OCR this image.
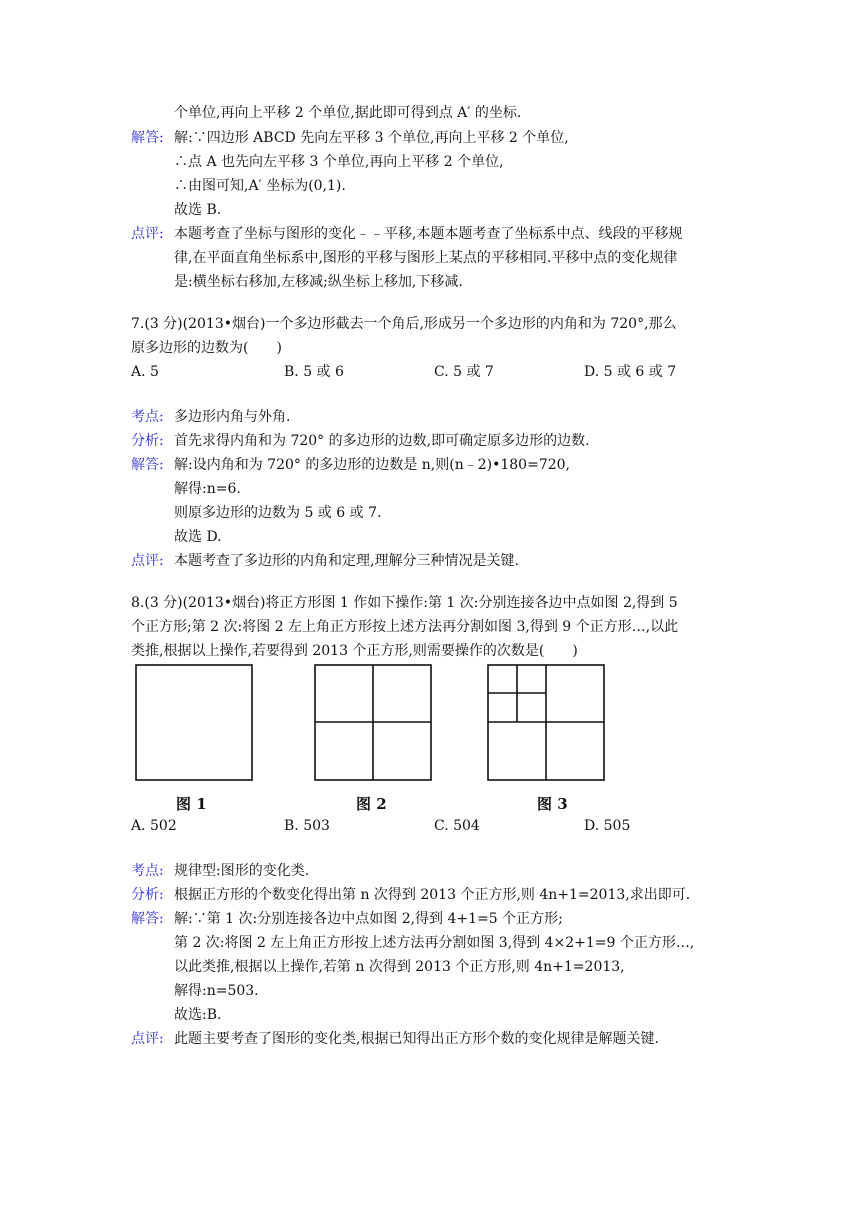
个单位,再向上平移 2 个单位,据此即可得到点 A′ 的坐标.
解答: 解:∵四边形 ABCD 先向左平移 3 个单位,再向上平移 2 个单位,
∴点 A 也先向左平移 3 个单位,再向上平移 2 个单位,
∴由图可知,A′ 坐标为(0,1).
故选 B.
点评: 本题考查了坐标与图形的变化﹣﹣平移,本题本题考查了坐标系中点、线段的平移规
律,在平面直角坐标系中,图形的平移与图形上某点的平移相同.平移中点的变化规律
是:横坐标右移加,左移减;纵坐标上移加,下移减.
7.(3 分)(2013•烟台)一个多边形截去一个角后,形成另一个多边形的内角和为 720°,那么
原多边形的边数为(　　)
A. 5	B. 5 或 6	C. 5 或 7	D. 5 或 6 或 7
考点: 多边形内角与外角.
分析: 首先求得内角和为 720° 的多边形的边数,即可确定原多边形的边数.
解答: 解:设内角和为 720° 的多边形的边数是 n,则(n﹣2)•180=720,
解得:n=6.
则原多边形的边数为 5 或 6 或 7.
故选 D.
点评: 本题考查了多边形的内角和定理,理解分三种情况是关键.
8.(3 分)(2013•烟台)将正方形图 1 作如下操作:第 1 次:分别连接各边中点如图 2,得到 5
个正方形;第 2 次:将图 2 左上角正方形按上述方法再分割如图 3,得到 9 个正方形…,以此
类推,根据以上操作,若要得到 2013 个正方形,则需要操作的次数是(　　)
图 1	图 2	图 3
A. 502	B. 503	C. 504	D. 505
考点: 规律型:图形的变化类.
分析: 根据正方形的个数变化得出第 n 次得到 2013 个正方形,则 4n+1=2013,求出即可.
解答: 解:∵第 1 次:分别连接各边中点如图 2,得到 4+1=5 个正方形;
第 2 次:将图 2 左上角正方形按上述方法再分割如图 3,得到 4×2+1=9 个正方形…,
以此类推,根据以上操作,若第 n 次得到 2013 个正方形,则 4n+1=2013,
解得:n=503.
故选:B.
点评: 此题主要考查了图形的变化类,根据已知得出正方形个数的变化规律是解题关键.
